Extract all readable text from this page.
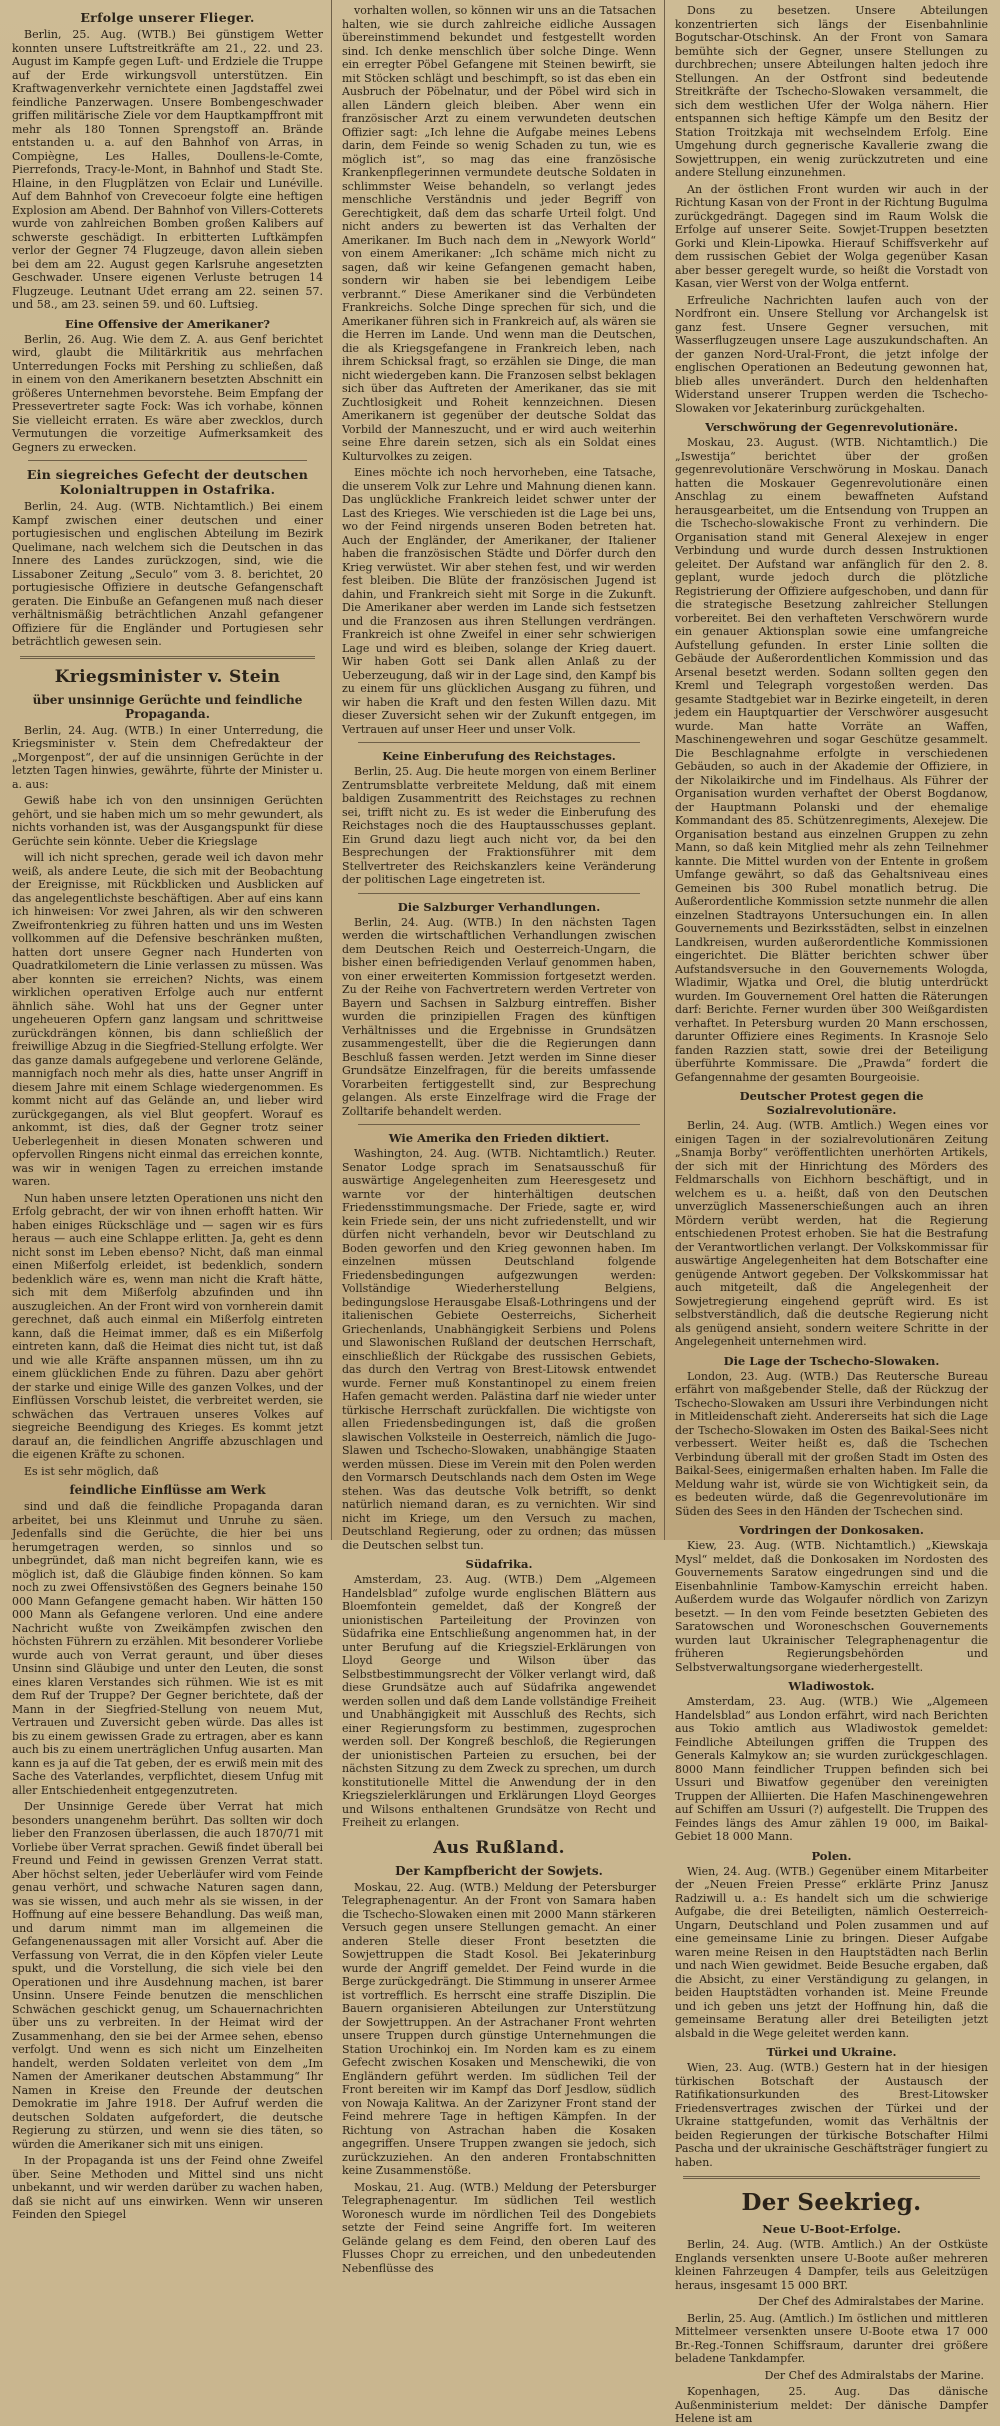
Erfolge unserer Flieger.

Berlin, 25. Aug. (WTB.) Bei günstigem Wetter konnten unsere Luftstreitkräfte am 21., 22. und 23. August im Kampfe gegen Luft- und Erdziele die Truppe auf der Erde wirkungsvoll unterstützen. Ein Kraftwagenverkehr vernichtete einen Jagdstaffel zwei feindliche Panzerwagen. Unsere Bombengeschwader griffen militärische Ziele vor dem Hauptkampffront mit mehr als 180 Tonnen Sprengstoff an. Brände entstanden u. a. auf den Bahnhof von Arras, in Compiègne, Les Halles, Doullens-le-Comte, Pierrefonds, Tracy-le-Mont, in Bahnhof und Stadt Ste. Hlaine, in den Flugplätzen von Eclair und Lunéville. Auf dem Bahnhof von Crevecoeur folgte eine heftigen Explosion am Abend. Der Bahnhof von Villers-Cotterets wurde von zahlreichen Bomben großen Kalibers auf schwerste geschädigt. In erbitterten Luftkämpfen verlor der Gegner 74 Flugzeuge, davon allein sieben bei dem am 22. August gegen Karlsruhe angesetzten Geschwader. Unsere eigenen Verluste betrugen 14 Flugzeuge. Leutnant Udet errang am 22. seinen 57. und 58., am 23. seinen 59. und 60. Luftsieg.

Eine Offensive der Amerikaner?

Berlin, 26. Aug. Wie dem Z. A. aus Genf berichtet wird, glaubt die Militärkritik aus mehrfachen Unterredungen Focks mit Pershing zu schließen, daß in einem von den Amerikanern besetzten Abschnitt ein größeres Unternehmen bevorstehe. Beim Empfang der Pressevertreter sagte Fock: Was ich vorhabe, können Sie vielleicht erraten. Es wäre aber zwecklos, durch Vermutungen die vorzeitige Aufmerksamkeit des Gegners zu erwecken.

Ein siegreiches Gefecht der deutschen Kolonialtruppen in Ostafrika.

Berlin, 24. Aug. (WTB. Nichtamtlich.) Bei einem Kampf zwischen einer deutschen und einer portugiesischen und englischen Abteilung im Bezirk Quelimane, nach welchem sich die Deutschen in das Innere des Landes zurückzogen, sind, wie die Lissaboner Zeitung „Seculo“ vom 3. 8. berichtet, 20 portugiesische Offiziere in deutsche Gefangenschaft geraten. Die Einbuße an Gefangenen muß nach dieser verhältnismäßig beträchtlichen Anzahl gefangener Offiziere für die Engländer und Portugiesen sehr beträchtlich gewesen sein.

Kriegsminister v. Stein
über unsinnige Gerüchte und feindliche Propaganda.

Berlin, 24. Aug. (WTB.) In einer Unterredung, die Kriegsminister v. Stein dem Chefredakteur der „Morgenpost“, der auf die unsinnigen Gerüchte in der letzten Tagen hinwies, gewährte, führte der Minister u. a. aus:

Gewiß habe ich von den unsinnigen Gerüchten gehört, und sie haben mich um so mehr gewundert, als nichts vorhanden ist, was der Ausgangspunkt für diese Gerüchte sein könnte. Ueber die Kriegslage

will ich nicht sprechen, gerade weil ich davon mehr weiß, als andere Leute, die sich mit der Beobachtung der Ereignisse, mit Rückblicken und Ausblicken auf das angelegentlichste beschäftigen. Aber auf eins kann ich hinweisen: Vor zwei Jahren, als wir den schweren Zweifrontenkrieg zu führen hatten und uns im Westen vollkommen auf die Defensive beschränken mußten, hatten dort unsere Gegner nach Hunderten von Quadratkilometern die Linie verlassen zu müssen. Was aber konnten sie erreichen? Nichts, was einem wirklichen operativen Erfolge auch nur entfernt ähnlich sähe. Wohl hat uns der Gegner unter ungeheueren Opfern ganz langsam und schrittweise zurückdrängen können, bis dann schließlich der freiwillige Abzug in die Siegfried-Stellung erfolgte. Wer das ganze damals aufgegebene und verlorene Gelände, mannigfach noch mehr als dies, hatte unser Angriff in diesem Jahre mit einem Schlage wiedergenommen. Es kommt nicht auf das Gelände an, und lieber wird zurückgegangen, als viel Blut geopfert. Worauf es ankommt, ist dies, daß der Gegner trotz seiner Ueberlegenheit in diesen Monaten schweren und opfervollen Ringens nicht einmal das erreichen konnte, was wir in wenigen Tagen zu erreichen imstande waren.

Nun haben unsere letzten Operationen uns nicht den Erfolg gebracht, der wir von ihnen erhofft hatten. Wir haben einiges Rückschläge und — sagen wir es fürs heraus — auch eine Schlappe erlitten. Ja, geht es denn nicht sonst im Leben ebenso? Nicht, daß man einmal einen Mißerfolg erleidet, ist bedenklich, sondern bedenklich wäre es, wenn man nicht die Kraft hätte, sich mit dem Mißerfolg abzufinden und ihn auszugleichen. An der Front wird von vornherein damit gerechnet, daß auch einmal ein Mißerfolg eintreten kann, daß die Heimat immer, daß es ein Mißerfolg eintreten kann, daß die Heimat dies nicht tut, ist daß und wie alle Kräfte anspannen müssen, um ihn zu einem glücklichen Ende zu führen. Dazu aber gehört der starke und einige Wille des ganzen Volkes, und der Einflüssen Vorschub leistet, die verbreitet werden, sie schwächen das Vertrauen unseres Volkes auf siegreiche Beendigung des Krieges. Es kommt jetzt darauf an, die feindlichen Angriffe abzuschlagen und die eigenen Kräfte zu schonen.

Es ist sehr möglich, daß

feindliche Einflüsse am Werk

sind und daß die feindliche Propaganda daran arbeitet, bei uns Kleinmut und Unruhe zu säen. Jedenfalls sind die Gerüchte, die hier bei uns herumgetragen werden, so sinnlos und so unbegründet, daß man nicht begreifen kann, wie es möglich ist, daß die Gläubige finden können. So kam noch zu zwei Offensivstößen des Gegners beinahe 150 000 Mann Gefangene gemacht haben. Wir hätten 150 000 Mann als Gefangene verloren. Und eine andere Nachricht wußte von Zweikämpfen zwischen den höchsten Führern zu erzählen. Mit besonderer Vorliebe wurde auch von Verrat geraunt, und über dieses Unsinn sind Gläubige und unter den Leuten, die sonst eines klaren Verstandes sich rühmen. Wie ist es mit dem Ruf der Truppe? Der Gegner berichtete, daß der Mann in der Siegfried-Stellung von neuem Mut, Vertrauen und Zuversicht geben würde. Das alles ist bis zu einem gewissen Grade zu ertragen, aber es kann auch bis zu einem unerträglichen Unfug ausarten. Man kann es ja auf die Tat geben, der es erwiß mein mit des Sache des Vaterlandes, verpflichtet, diesem Unfug mit aller Entschiedenheit entgegenzutreten.

Der Unsinnige Gerede über Verrat hat mich besonders unangenehm berührt. Das sollten wir doch lieber den Franzosen überlassen, die auch 1870/71 mit Vorliebe über Verrat sprachen. Gewiß findet überall bei Freund und Feind in gewissen Grenzen Verrat statt. Aber höchst selten, jeder Ueberläufer wird vom Feinde genau verhört, und schwache Naturen sagen dann, was sie wissen, und auch mehr als sie wissen, in der Hoffnung auf eine bessere Behandlung. Das weiß man, und darum nimmt man im allgemeinen die Gefangenenaussagen mit aller Vorsicht auf. Aber die Verfassung von Verrat, die in den Köpfen vieler Leute spukt, und die Vorstellung, die sich viele bei den Operationen und ihre Ausdehnung machen, ist barer Unsinn. Unsere Feinde benutzen die menschlichen Schwächen geschickt genug, um Schauernachrichten über uns zu verbreiten. In der Heimat wird der Zusammenhang, den sie bei der Armee sehen, ebenso verfolgt. Und wenn es sich nicht um Einzelheiten handelt, werden Soldaten verleitet von dem „Im Namen der Amerikaner deutschen Abstammung“ Ihr Namen in Kreise den Freunde der deutschen Demokratie im Jahre 1918. Der Aufruf werden die deutschen Soldaten aufgefordert, die deutsche Regierung zu stürzen, und wenn sie dies täten, so würden die Amerikaner sich mit uns einigen.

In der Propaganda ist uns der Feind ohne Zweifel über. Seine Methoden und Mittel sind uns nicht unbekannt, und wir werden darüber zu wachen haben, daß sie nicht auf uns einwirken. Wenn wir unseren Feinden den Spiegel

vorhalten wollen, so können wir uns an die Tatsachen halten, wie sie durch zahlreiche eidliche Aussagen übereinstimmend bekundet und festgestellt worden sind. Ich denke menschlich über solche Dinge. Wenn ein erregter Pöbel Gefangene mit Steinen bewirft, sie mit Stöcken schlägt und beschimpft, so ist das eben ein Ausbruch der Pöbelnatur, und der Pöbel wird sich in allen Ländern gleich bleiben. Aber wenn ein französischer Arzt zu einem verwundeten deutschen Offizier sagt: „Ich lehne die Aufgabe meines Lebens darin, dem Feinde so wenig Schaden zu tun, wie es möglich ist“, so mag das eine französische Krankenpflegerinnen vermundete deutsche Soldaten in schlimmster Weise behandeln, so verlangt jedes menschliche Verständnis und jeder Begriff von Gerechtigkeit, daß dem das scharfe Urteil folgt. Und nicht anders zu bewerten ist das Verhalten der Amerikaner. Im Buch nach dem in „Newyork World“ von einem Amerikaner: „Ich schäme mich nicht zu sagen, daß wir keine Gefangenen gemacht haben, sondern wir haben sie bei lebendigem Leibe verbrannt.“ Diese Amerikaner sind die Verbündeten Frankreichs. Solche Dinge sprechen für sich, und die Amerikaner führen sich in Frankreich auf, als wären sie die Herren im Lande. Und wenn man die Deutschen, die als Kriegsgefangene in Frankreich leben, nach ihrem Schicksal fragt, so erzählen sie Dinge, die man nicht wiedergeben kann. Die Franzosen selbst beklagen sich über das Auftreten der Amerikaner, das sie mit Zuchtlosigkeit und Roheit kennzeichnen. Diesen Amerikanern ist gegenüber der deutsche Soldat das Vorbild der Manneszucht, und er wird auch weiterhin seine Ehre darein setzen, sich als ein Soldat eines Kulturvolkes zu zeigen.

Eines möchte ich noch hervorheben, eine Tatsache, die unserem Volk zur Lehre und Mahnung dienen kann. Das unglückliche Frankreich leidet schwer unter der Last des Krieges. Wie verschieden ist die Lage bei uns, wo der Feind nirgends unseren Boden betreten hat. Auch der Engländer, der Amerikaner, der Italiener haben die französischen Städte und Dörfer durch den Krieg verwüstet. Wir aber stehen fest, und wir werden fest bleiben. Die Blüte der französischen Jugend ist dahin, und Frankreich sieht mit Sorge in die Zukunft. Die Amerikaner aber werden im Lande sich festsetzen und die Franzosen aus ihren Stellungen verdrängen. Frankreich ist ohne Zweifel in einer sehr schwierigen Lage und wird es bleiben, solange der Krieg dauert. Wir haben Gott sei Dank allen Anlaß zu der Ueberzeugung, daß wir in der Lage sind, den Kampf bis zu einem für uns glücklichen Ausgang zu führen, und wir haben die Kraft und den festen Willen dazu. Mit dieser Zuversicht sehen wir der Zukunft entgegen, im Vertrauen auf unser Heer und unser Volk.

Keine Einberufung des Reichstages.

Berlin, 25. Aug. Die heute morgen von einem Berliner Zentrumsblatte verbreitete Meldung, daß mit einem baldigen Zusammentritt des Reichstages zu rechnen sei, trifft nicht zu. Es ist weder die Einberufung des Reichstages noch die des Hauptausschusses geplant. Ein Grund dazu liegt auch nicht vor, da bei den Besprechungen der Fraktionsführer mit dem Stellvertreter des Reichskanzlers keine Veränderung der politischen Lage eingetreten ist.

Die Salzburger Verhandlungen.

Berlin, 24. Aug. (WTB.) In den nächsten Tagen werden die wirtschaftlichen Verhandlungen zwischen dem Deutschen Reich und Oesterreich-Ungarn, die bisher einen befriedigenden Verlauf genommen haben, von einer erweiterten Kommission fortgesetzt werden. Zu der Reihe von Fachvertretern werden Vertreter von Bayern und Sachsen in Salzburg eintreffen. Bisher wurden die prinzipiellen Fragen des künftigen Verhältnisses und die Ergebnisse in Grundsätzen zusammengestellt, über die die Regierungen dann Beschluß fassen werden. Jetzt werden im Sinne dieser Grundsätze Einzelfragen, für die bereits umfassende Vorarbeiten fertiggestellt sind, zur Besprechung gelangen. Als erste Einzelfrage wird die Frage der Zolltarife behandelt werden.

Wie Amerika den Frieden diktiert.

Washington, 24. Aug. (WTB. Nichtamtlich.) Reuter. Senator Lodge sprach im Senatsausschuß für auswärtige Angelegenheiten zum Heeresgesetz und warnte vor der hinterhältigen deutschen Friedensstimmungsmache. Der Friede, sagte er, wird kein Friede sein, der uns nicht zufriedenstellt, und wir dürfen nicht verhandeln, bevor wir Deutschland zu Boden geworfen und den Krieg gewonnen haben. Im einzelnen müssen Deutschland folgende Friedensbedingungen aufgezwungen werden: Vollständige Wiederherstellung Belgiens, bedingungslose Herausgabe Elsaß-Lothringens und der italienischen Gebiete Oesterreichs, Sicherheit Griechenlands, Unabhängigkeit Serbiens und Polens und Slawonischen Rußland der deutschen Herrschaft, einschließlich der Rückgabe des russischen Gebiets, das durch den Vertrag von Brest-Litowsk entwendet wurde. Ferner muß Konstantinopel zu einem freien Hafen gemacht werden. Palästina darf nie wieder unter türkische Herrschaft zurückfallen. Die wichtigste von allen Friedensbedingungen ist, daß die großen slawischen Volksteile in Oesterreich, nämlich die Jugo-Slawen und Tschecho-Slowaken, unabhängige Staaten werden müssen. Diese im Verein mit den Polen werden den Vormarsch Deutschlands nach dem Osten im Wege stehen. Was das deutsche Volk betrifft, so denkt natürlich niemand daran, es zu vernichten. Wir sind nicht im Kriege, um den Versuch zu machen, Deutschland Regierung, oder zu ordnen; das müssen die Deutschen selbst tun.

Südafrika.

Amsterdam, 23. Aug. (WTB.) Dem „Algemeen Handelsblad“ zufolge wurde englischen Blättern aus Bloemfontein gemeldet, daß der Kongreß der unionistischen Parteileitung der Provinzen von Südafrika eine Entschließung angenommen hat, in der unter Berufung auf die Kriegsziel-Erklärungen von Lloyd George und Wilson über das Selbstbestimmungsrecht der Völker verlangt wird, daß diese Grundsätze auch auf Südafrika angewendet werden sollen und daß dem Lande vollständige Freiheit und Unabhängigkeit mit Ausschluß des Rechts, sich einer Regierungsform zu bestimmen, zugesprochen werden soll. Der Kongreß beschloß, die Regierungen der unionistischen Parteien zu ersuchen, bei der nächsten Sitzung zu dem Zweck zu sprechen, um durch konstitutionelle Mittel die Anwendung der in den Kriegszielerklärungen und Erklärungen Lloyd Georges und Wilsons enthaltenen Grundsätze von Recht und Freiheit zu erlangen.

Aus Rußland.
Der Kampfbericht der Sowjets.

Moskau, 22. Aug. (WTB.) Meldung der Petersburger Telegraphenagentur. An der Front von Samara haben die Tschecho-Slowaken einen mit 2000 Mann stärkeren Versuch gegen unsere Stellungen gemacht. An einer anderen Stelle dieser Front besetzten die Sowjettruppen die Stadt Kosol. Bei Jekaterinburg wurde der Angriff gemeldet. Der Feind wurde in die Berge zurückgedrängt. Die Stimmung in unserer Armee ist vortrefflich. Es herrscht eine straffe Disziplin. Die Bauern organisieren Abteilungen zur Unterstützung der Sowjettruppen. An der Astrachaner Front wehrten unsere Truppen durch günstige Unternehmungen die Station Urochinkoj ein. Im Norden kam es zu einem Gefecht zwischen Kosaken und Menschewiki, die von Engländern geführt werden. Im südlichen Teil der Front bereiten wir im Kampf das Dorf Jesdlow, südlich von Nowaja Kalitwa. An der Zarizyner Front stand der Feind mehrere Tage in heftigen Kämpfen. In der Richtung von Astrachan haben die Kosaken angegriffen. Unsere Truppen zwangen sie jedoch, sich zurückzuziehen. An den anderen Frontabschnitten keine Zusammenstöße.

Moskau, 21. Aug. (WTB.) Meldung der Petersburger Telegraphenagentur. Im südlichen Teil westlich Woronesch wurde im nördlichen Teil des Dongebiets setzte der Feind seine Angriffe fort. Im weiteren Gelände gelang es dem Feind, den oberen Lauf des Flusses Chopr zu erreichen, und den unbedeutenden Nebenflüsse des

Dons zu besetzen. Unsere Abteilungen konzentrierten sich längs der Eisenbahnlinie Bogutschar-Otschinsk. An der Front von Samara bemühte sich der Gegner, unsere Stellungen zu durchbrechen; unsere Abteilungen halten jedoch ihre Stellungen. An der Ostfront sind bedeutende Streitkräfte der Tschecho-Slowaken versammelt, die sich dem westlichen Ufer der Wolga nähern. Hier entspannen sich heftige Kämpfe um den Besitz der Station Troitzkaja mit wechselndem Erfolg. Eine Umgehung durch gegnerische Kavallerie zwang die Sowjettruppen, ein wenig zurückzutreten und eine andere Stellung einzunehmen.

An der östlichen Front wurden wir auch in der Richtung Kasan von der Front in der Richtung Bugulma zurückgedrängt. Dagegen sind im Raum Wolsk die Erfolge auf unserer Seite. Sowjet-Truppen besetzten Gorki und Klein-Lipowka. Hierauf Schiffsverkehr auf dem russischen Gebiet der Wolga gegenüber Kasan aber besser geregelt wurde, so heißt die Vorstadt von Kasan, vier Werst von der Wolga entfernt.

Erfreuliche Nachrichten laufen auch von der Nordfront ein. Unsere Stellung vor Archangelsk ist ganz fest. Unsere Gegner versuchen, mit Wasserflugzeugen unsere Lage auszukundschaften. An der ganzen Nord-Ural-Front, die jetzt infolge der englischen Operationen an Bedeutung gewonnen hat, blieb alles unverändert. Durch den heldenhaften Widerstand unserer Truppen werden die Tschecho-Slowaken vor Jekaterinburg zurückgehalten.

Verschwörung der Gegenrevolutionäre.

Moskau, 23. August. (WTB. Nichtamtlich.) Die „Iswestija“ berichtet über der großen gegenrevolutionäre Verschwörung in Moskau. Danach hatten die Moskauer Gegenrevolutionäre einen Anschlag zu einem bewaffneten Aufstand herausgearbeitet, um die Entsendung von Truppen an die Tschecho-slowakische Front zu verhindern. Die Organisation stand mit General Alexejew in enger Verbindung und wurde durch dessen Instruktionen geleitet. Der Aufstand war anfänglich für den 2. 8. geplant, wurde jedoch durch die plötzliche Registrierung der Offiziere aufgeschoben, und dann für die strategische Besetzung zahlreicher Stellungen vorbereitet. Bei den verhafteten Verschwörern wurde ein genauer Aktionsplan sowie eine umfangreiche Aufstellung gefunden. In erster Linie sollten die Gebäude der Außerordentlichen Kommission und das Arsenal besetzt werden. Sodann sollten gegen den Kreml und Telegraph vorgestoßen werden. Das gesamte Stadtgebiet war in Bezirke eingeteilt, in deren jedem ein Hauptquartier der Verschwörer ausgesucht wurde. Man hatte Vorräte an Waffen, Maschinengewehren und sogar Geschütze gesammelt. Die Beschlagnahme erfolgte in verschiedenen Gebäuden, so auch in der Akademie der Offiziere, in der Nikolaikirche und im Findelhaus. Als Führer der Organisation wurden verhaftet der Oberst Bogdanow, der Hauptmann Polanski und der ehemalige Kommandant des 85. Schützenregiments, Alexejew. Die Organisation bestand aus einzelnen Gruppen zu zehn Mann, so daß kein Mitglied mehr als zehn Teilnehmer kannte. Die Mittel wurden von der Entente in großem Umfange gewährt, so daß das Gehaltsniveau eines Gemeinen bis 300 Rubel monatlich betrug. Die Außerordentliche Kommission setzte nunmehr die allen einzelnen Stadtrayons Untersuchungen ein. In allen Gouvernements und Bezirksstädten, selbst in einzelnen Landkreisen, wurden außerordentliche Kommissionen eingerichtet. Die Blätter berichten schwer über Aufstandsversuche in den Gouvernements Wologda, Wladimir, Wjatka und Orel, die blutig unterdrückt wurden. Im Gouvernement Orel hatten die Räterungen darf: Berichte. Ferner wurden über 300 Weißgardisten verhaftet. In Petersburg wurden 20 Mann erschossen, darunter Offiziere eines Regiments. In Krasnoje Selo fanden Razzien statt, sowie drei der Beteiligung überführte Kommissare. Die „Prawda“ fordert die Gefangennahme der gesamten Bourgeoisie.

Deutscher Protest gegen die Sozialrevolutionäre.

Berlin, 24. Aug. (WTB. Amtlich.) Wegen eines vor einigen Tagen in der sozialrevolutionären Zeitung „Snamja Borby“ veröffentlichten unerhörten Artikels, der sich mit der Hinrichtung des Mörders des Feldmarschalls von Eichhorn beschäftigt, und in welchem es u. a. heißt, daß von den Deutschen unverzüglich Massenerschießungen auch an ihren Mördern verübt werden, hat die Regierung entschiedenen Protest erhoben. Sie hat die Bestrafung der Verantwortlichen verlangt. Der Volkskommissar für auswärtige Angelegenheiten hat dem Botschafter eine genügende Antwort gegeben. Der Volkskommissar hat auch mitgeteilt, daß die Angelegenheit der Sowjetregierung eingehend geprüft wird. Es ist selbstverständlich, daß die deutsche Regierung nicht als genügend ansieht, sondern weitere Schritte in der Angelegenheit unternehmen wird.

Die Lage der Tschecho-Slowaken.

London, 23. Aug. (WTB.) Das Reutersche Bureau erfährt von maßgebender Stelle, daß der Rückzug der Tschecho-Slowaken am Ussuri ihre Verbindungen nicht in Mitleidenschaft zieht. Andererseits hat sich die Lage der Tschecho-Slowaken im Osten des Baikal-Sees nicht verbessert. Weiter heißt es, daß die Tschechen Verbindung überall mit der großen Stadt im Osten des Baikal-Sees, einigermaßen erhalten haben. Im Falle die Meldung wahr ist, würde sie von Wichtigkeit sein, da es bedeuten würde, daß die Gegenrevolutionäre im Süden des Sees in den Händen der Tschechen sind.

Vordringen der Donkosaken.

Kiew, 23. Aug. (WTB. Nichtamtlich.) „Kiewskaja Mysl“ meldet, daß die Donkosaken im Nordosten des Gouvernements Saratow eingedrungen sind und die Eisenbahnlinie Tambow-Kamyschin erreicht haben. Außerdem wurde das Wolgaufer nördlich von Zarizyn besetzt. — In den vom Feinde besetzten Gebieten des Saratowschen und Woroneschschen Gouvernements wurden laut Ukrainischer Telegraphenagentur die früheren Regierungsbehörden und Selbstverwaltungsorgane wiederhergestellt.

Wladiwostok.

Amsterdam, 23. Aug. (WTB.) Wie „Algemeen Handelsblad“ aus London erfährt, wird nach Berichten aus Tokio amtlich aus Wladiwostok gemeldet: Feindliche Abteilungen griffen die Truppen des Generals Kalmykow an; sie wurden zurückgeschlagen. 8000 Mann feindlicher Truppen befinden sich bei Ussuri und Biwatfow gegenüber den vereinigten Truppen der Alliierten. Die Hafen Maschinengewehren auf Schiffen am Ussuri (?) aufgestellt. Die Truppen des Feindes längs des Amur zählen 19 000, im Baikal-Gebiet 18 000 Mann.

Polen.

Wien, 24. Aug. (WTB.) Gegenüber einem Mitarbeiter der „Neuen Freien Presse“ erklärte Prinz Janusz Radziwill u. a.: Es handelt sich um die schwierige Aufgabe, die drei Beteiligten, nämlich Oesterreich-Ungarn, Deutschland und Polen zusammen und auf eine gemeinsame Linie zu bringen. Dieser Aufgabe waren meine Reisen in den Hauptstädten nach Berlin und nach Wien gewidmet. Beide Besuche ergaben, daß die Absicht, zu einer Verständigung zu gelangen, in beiden Hauptstädten vorhanden ist. Meine Freunde und ich geben uns jetzt der Hoffnung hin, daß die gemeinsame Beratung aller drei Beteiligten jetzt alsbald in die Wege geleitet werden kann.

Türkei und Ukraine.

Wien, 23. Aug. (WTB.) Gestern hat in der hiesigen türkischen Botschaft der Austausch der Ratifikationsurkunden des Brest-Litowsker Friedensvertrages zwischen der Türkei und der Ukraine stattgefunden, womit das Verhältnis der beiden Regierungen der türkische Botschafter Hilmi Pascha und der ukrainische Geschäftsträger fungiert zu haben.

Der Seekrieg.
Neue U-Boot-Erfolge.

Berlin, 24. Aug. (WTB. Amtlich.) An der Ostküste Englands versenkten unsere U-Boote außer mehreren kleinen Fahrzeugen 4 Dampfer, teils aus Geleitzügen heraus, insgesamt 15 000 BRT.

Der Chef des Admiralstabes der Marine.

Berlin, 25. Aug. (Amtlich.) Im östlichen und mittleren Mittelmeer versenkten unsere U-Boote etwa 17 000 Br.-Reg.-Tonnen Schiffsraum, darunter drei größere beladene Tankdampfer.

Der Chef des Admiralstabs der Marine.

Kopenhagen, 25. Aug. Das dänische Außenministerium meldet: Der dänische Dampfer Helene ist am
